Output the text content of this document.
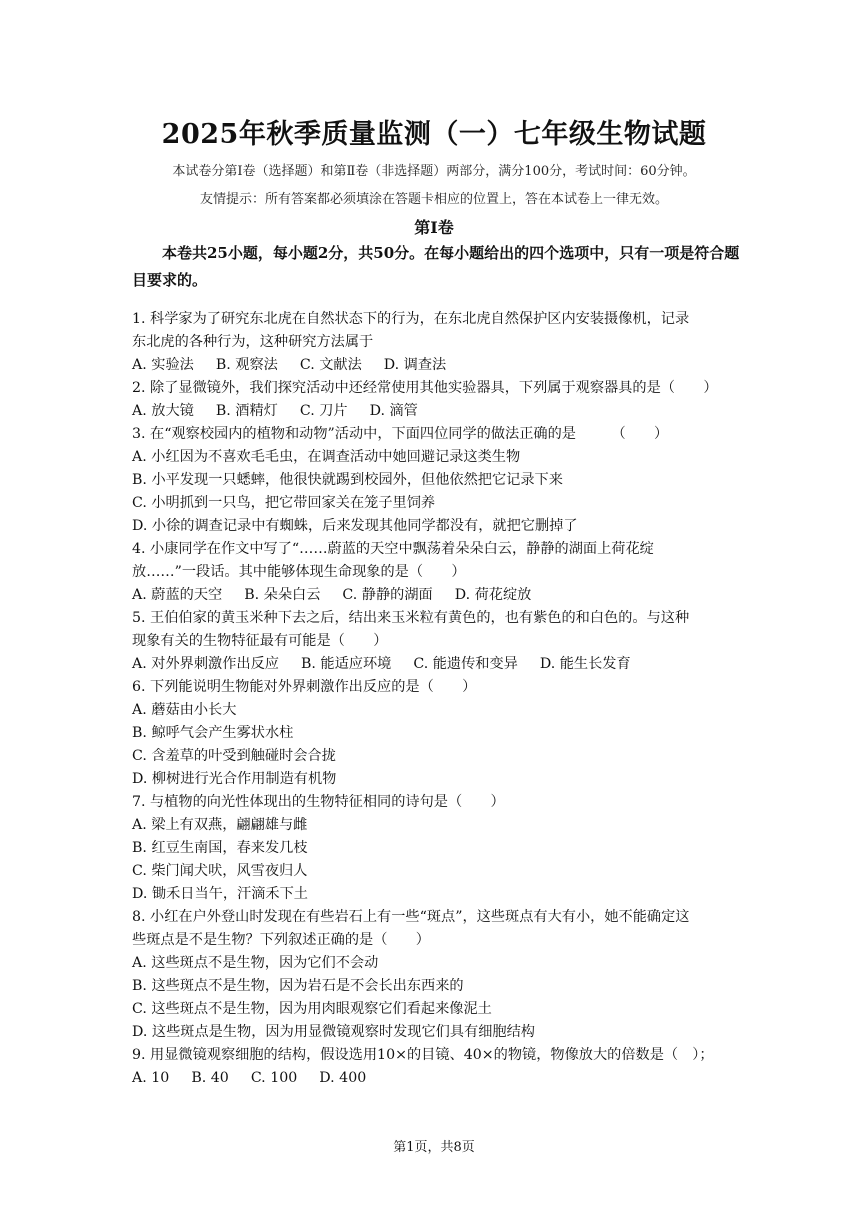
2025年秋季质量监测（一）七年级生物试题
本试卷分第Ⅰ卷（选择题）和第Ⅱ卷（非选择题）两部分，满分100分，考试时间：60分钟。
友情提示：所有答案都必须填涂在答题卡相应的位置上，答在本试卷上一律无效。
第Ⅰ卷
本卷共25小题，每小题2分，共50分。在每小题给出的四个选项中，只有一项是符合题目要求的。
1. 科学家为了研究东北虎在自然状态下的行为，在东北虎自然保护区内安装摄像机，记录
东北虎的各种行为，这种研究方法属于
A. 实验法 B. 观察法 C. 文献法 D. 调查法
2. 除了显微镜外，我们探究活动中还经常使用其他实验器具，下列属于观察器具的是（　　）
A. 放大镜 B. 酒精灯 C. 刀片 D. 滴管
3. 在“观察校园内的植物和动物”活动中，下面四位同学的做法正确的是　　　（　　）
A. 小红因为不喜欢毛毛虫，在调查活动中她回避记录这类生物
B. 小平发现一只蟋蟀，他很快就踢到校园外，但他依然把它记录下来
C. 小明抓到一只鸟，把它带回家关在笼子里饲养
D. 小徐的调查记录中有蜘蛛，后来发现其他同学都没有，就把它删掉了
4. 小康同学在作文中写了“……蔚蓝的天空中飘荡着朵朵白云，静静的湖面上荷花绽
放……”一段话。其中能够体现生命现象的是（　　）
A. 蔚蓝的天空 B. 朵朵白云 C. 静静的湖面 D. 荷花绽放
5. 王伯伯家的黄玉米种下去之后，结出来玉米粒有黄色的，也有紫色的和白色的。与这种
现象有关的生物特征最有可能是（　　）
A. 对外界刺激作出反应 B. 能适应环境 C. 能遗传和变异 D. 能生长发育
6. 下列能说明生物能对外界刺激作出反应的是（　　）
A. 蘑菇由小长大
B. 鲸呼气会产生雾状水柱
C. 含羞草的叶受到触碰时会合拢
D. 柳树进行光合作用制造有机物
7. 与植物的向光性体现出的生物特征相同的诗句是（　　）
A. 梁上有双燕，翩翩雄与雌
B. 红豆生南国，春来发几枝
C. 柴门闻犬吠，风雪夜归人
D. 锄禾日当午，汗滴禾下土
8. 小红在户外登山时发现在有些岩石上有一些“斑点”，这些斑点有大有小，她不能确定这
些斑点是不是生物？下列叙述正确的是（　　）
A. 这些斑点不是生物，因为它们不会动
B. 这些斑点不是生物，因为岩石是不会长出东西来的
C. 这些斑点不是生物，因为用肉眼观察它们看起来像泥土
D. 这些斑点是生物，因为用显微镜观察时发现它们具有细胞结构
9. 用显微镜观察细胞的结构，假设选用10×的目镜、40×的物镜，物像放大的倍数是（　）；
A. 10 B. 40 C. 100 D. 400
第1页，共8页
